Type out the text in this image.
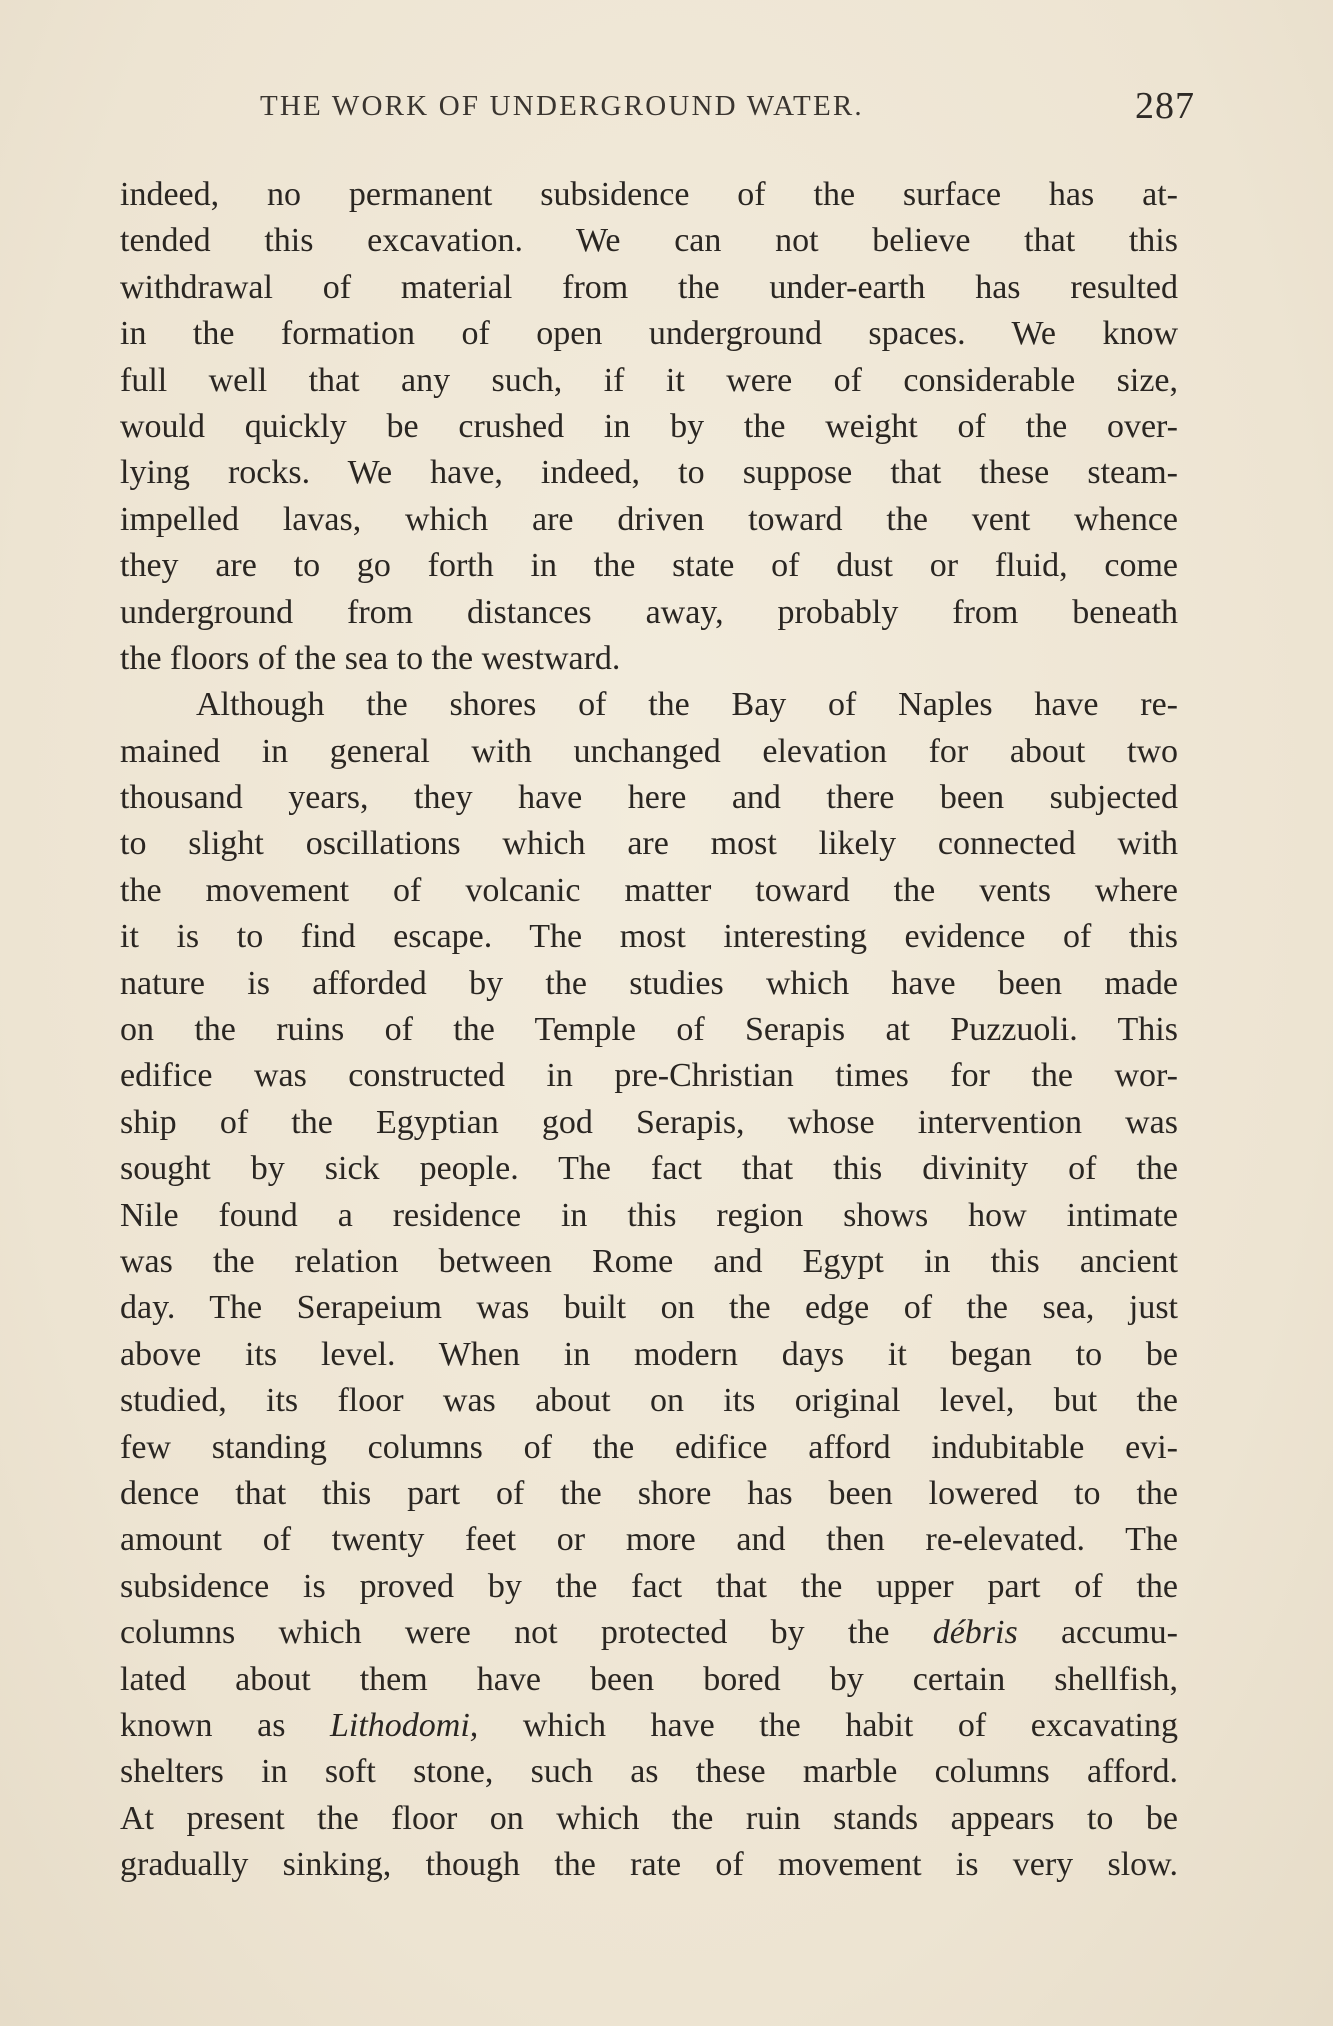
THE WORK OF UNDERGROUND WATER.	287
indeed, no permanent subsidence of the surface has at-
tended this excavation. We can not believe that this
withdrawal of material from the under-earth has resulted
in the formation of open underground spaces. We know
full well that any such, if it were of considerable size,
would quickly be crushed in by the weight of the over-
lying rocks. We have, indeed, to suppose that these steam-
impelled lavas, which are driven toward the vent whence
they are to go forth in the state of dust or fluid, come
underground from distances away, probably from beneath
the floors of the sea to the westward.
Although the shores of the Bay of Naples have re-
mained in general with unchanged elevation for about two
thousand years, they have here and there been subjected
to slight oscillations which are most likely connected with
the movement of volcanic matter toward the vents where
it is to find escape. The most interesting evidence of this
nature is afforded by the studies which have been made
on the ruins of the Temple of Serapis at Puzzuoli. This
edifice was constructed in pre-Christian times for the wor-
ship of the Egyptian god Serapis, whose intervention was
sought by sick people. The fact that this divinity of the
Nile found a residence in this region shows how intimate
was the relation between Rome and Egypt in this ancient
day. The Serapeium was built on the edge of the sea, just
above its level. When in modern days it began to be
studied, its floor was about on its original level, but the
few standing columns of the edifice afford indubitable evi-
dence that this part of the shore has been lowered to the
amount of twenty feet or more and then re-elevated. The
subsidence is proved by the fact that the upper part of the
columns which were not protected by the débris accumu-
lated about them have been bored by certain shellfish,
known as Lithodomi, which have the habit of excavating
shelters in soft stone, such as these marble columns afford.
At present the floor on which the ruin stands appears to be
gradually sinking, though the rate of movement is very slow.
